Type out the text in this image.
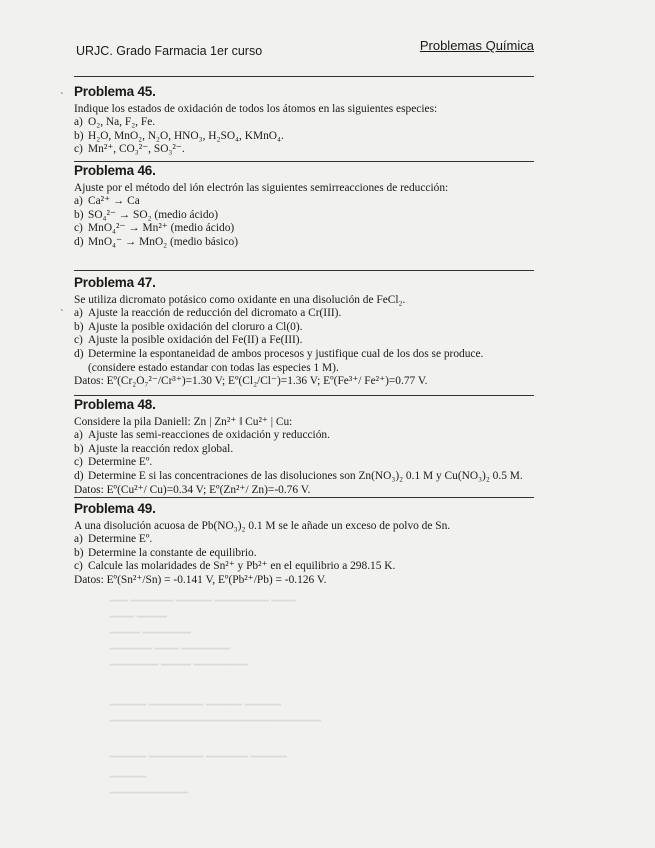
URJC. Grado Farmacia 1er curso	Problemas Química
˴ Problema 45.

Indique los estados de oxidación de todos los átomos en las siguientes especies:

a) O₂, Na, F₂, Fe.
b) H₂O, MnO₂, N₂O, HNO₃, H₂SO₄, KMnO₄.
c) Mn²⁺, CO₃²⁻, SO₃²⁻.
Problema 46.

Ajuste por el método del ión electrón las siguientes semirreacciones de reducción:

a) Ca²⁺ → Ca
b) SO₄²⁻ → SO₂ (medio ácido)
c) MnO₄²⁻ → Mn²⁺ (medio ácido)
d) MnO₄⁻ → MnO₂ (medio básico)
˴
Problema 47.

Se utiliza dicromato potásico como oxidante en una disolución de FeCl₂.

a) Ajuste la reacción de reducción del dicromato a Cr(III).
b) Ajuste la posible oxidación del cloruro a Cl(0).
c) Ajuste la posible oxidación del Fe(II) a Fe(III).
d) Determine la espontaneidad de ambos procesos y justifique cual de los dos se produce.

(considere estado estandar con todas las especies 1 M).

Datos: Eº(Cr₂O₇²⁻/Cr³⁺)=1.30 V; Eº(Cl₂/Cl⁻)=1.36 V; Eº(Fe³⁺/ Fe²⁺)=0.77 V.

Problema 48.

Considere la pila Daniell: Zn | Zn²⁺ ‖ Cu²⁺ | Cu:

a) Ajuste las semi-reacciones de oxidación y reducción.
b) Ajuste la reacción redox global.
c) Determine Eº.
d) Determine E si las concentraciones de las disoluciones son Zn(NO₃)₂ 0.1 M y Cu(NO₃)₂ 0.5 M.

Datos: Eº(Cu²⁺/ Cu)=0.34 V; Eº(Zn²⁺/ Zn)=-0.76 V.

Problema 49.

A una disolución acuosa de Pb(NO₃)₂ 0.1 M se le añade un exceso de polvo de Sn.

a) Determine Eº.
b) Determine la constante de equilibrio.
c) Calcule las molaridades de Sn²⁺ y Pb²⁺ en el equilibrio a 298.15 K.

Datos: Eº(Sn²⁺/Sn) = -0.141 V, Eº(Pb²⁺/Pb) = -0.126 V.

━━━ ━━━━━━━ ━━━━━━ ━━━━━━━━━ ━━━━
━━━━ ━━━━━
━━━━━ ━━━━━━━━
━━━━━━━ ━━━━ ━━━━━━━━
━━━━━━━━ ━━━━━ ━━━━━━━━━
━━━━━━ ━━━━━━━━━ ━━━━━━ ━━━━━━
━━━━━━━━━━━━━━━━━━━━━━━━━━━━━━━━━━━
━━━━━━ ━━━━━━━━━ ━━━━━━━ ━━━━━━
━━━━━━
━━━━━━━━━━━━━
